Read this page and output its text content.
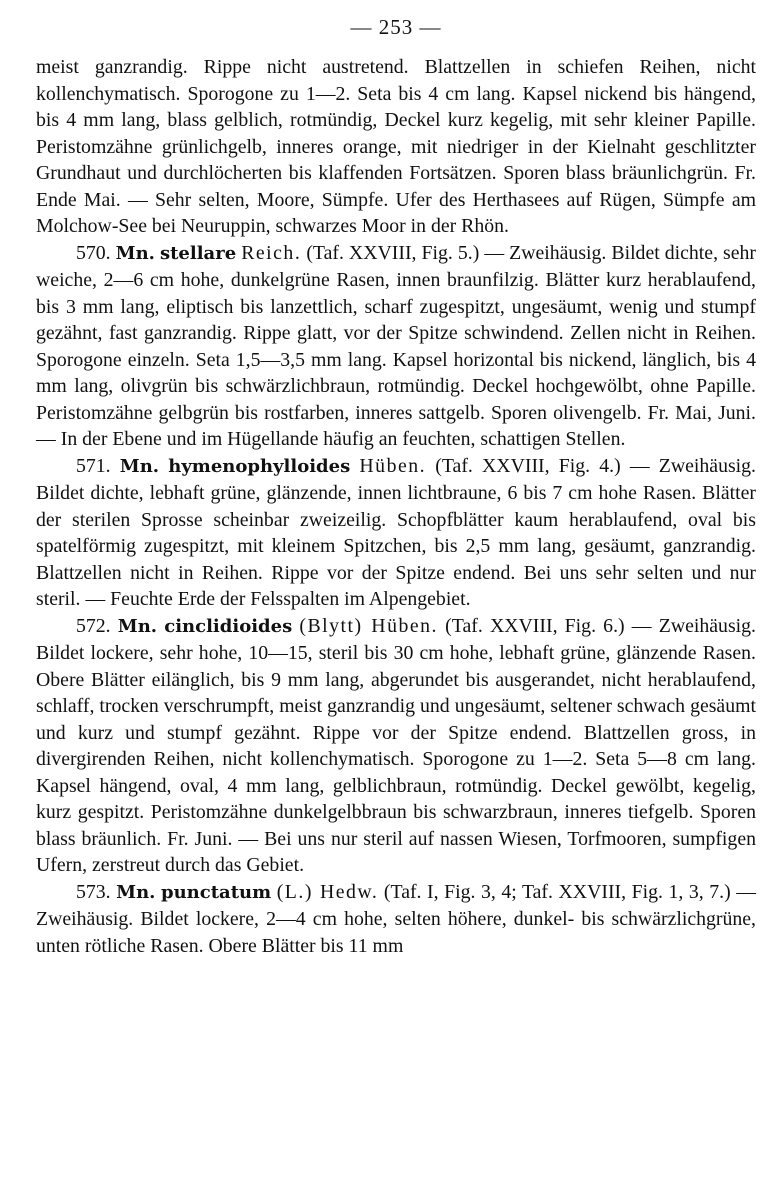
— 253 —

meist ganzrandig. Rippe nicht austretend. Blattzellen in schiefen Reihen, nicht kollenchymatisch. Sporogone zu 1—2. Seta bis 4 cm lang. Kapsel nickend bis hängend, bis 4 mm lang, blass gelblich, rotmündig, Deckel kurz kegelig, mit sehr kleiner Papille. Peristomzähne grünlichgelb, inneres orange, mit niedriger in der Kielnaht geschlitzter Grundhaut und durchlöcherten bis klaffenden Fortsätzen. Sporen blass bräunlichgrün. Fr. Ende Mai. — Sehr selten, Moore, Sümpfe. Ufer des Herthasees auf Rügen, Sümpfe am Molchow-See bei Neuruppin, schwarzes Moor in der Rhön.

570. Mn. stellare Reich. (Taf. XXVIII, Fig. 5.) — Zweihäusig. Bildet dichte, sehr weiche, 2—6 cm hohe, dunkelgrüne Rasen, innen braunfilzig. Blätter kurz herablaufend, bis 3 mm lang, eliptisch bis lanzettlich, scharf zugespitzt, ungesäumt, wenig und stumpf gezähnt, fast ganzrandig. Rippe glatt, vor der Spitze schwindend. Zellen nicht in Reihen. Sporogone einzeln. Seta 1,5—3,5 mm lang. Kapsel horizontal bis nickend, länglich, bis 4 mm lang, olivgrün bis schwärzlichbraun, rotmündig. Deckel hochgewölbt, ohne Papille. Peristomzähne gelbgrün bis rostfarben, inneres sattgelb. Sporen olivengelb. Fr. Mai, Juni. — In der Ebene und im Hügellande häufig an feuchten, schattigen Stellen.

571. Mn. hymenophylloides Hüben. (Taf. XXVIII, Fig. 4.) — Zweihäusig. Bildet dichte, lebhaft grüne, glänzende, innen lichtbraune, 6 bis 7 cm hohe Rasen. Blätter der sterilen Sprosse scheinbar zweizeilig. Schopfblätter kaum herablaufend, oval bis spatelförmig zugespitzt, mit kleinem Spitzchen, bis 2,5 mm lang, gesäumt, ganzrandig. Blattzellen nicht in Reihen. Rippe vor der Spitze endend. Bei uns sehr selten und nur steril. — Feuchte Erde der Felsspalten im Alpengebiet.

572. Mn. cinclidioides (Blytt) Hüben. (Taf. XXVIII, Fig. 6.) — Zweihäusig. Bildet lockere, sehr hohe, 10—15, steril bis 30 cm hohe, lebhaft grüne, glänzende Rasen. Obere Blätter eilänglich, bis 9 mm lang, abgerundet bis ausgerandet, nicht herablaufend, schlaff, trocken verschrumpft, meist ganzrandig und ungesäumt, seltener schwach gesäumt und kurz und stumpf gezähnt. Rippe vor der Spitze endend. Blattzellen gross, in divergirenden Reihen, nicht kollenchymatisch. Sporogone zu 1—2. Seta 5—8 cm lang. Kapsel hängend, oval, 4 mm lang, gelblichbraun, rotmündig. Deckel gewölbt, kegelig, kurz gespitzt. Peristomzähne dunkelgelbbraun bis schwarzbraun, inneres tiefgelb. Sporen blass bräunlich. Fr. Juni. — Bei uns nur steril auf nassen Wiesen, Torfmooren, sumpfigen Ufern, zerstreut durch das Gebiet.

573. Mn. punctatum (L.) Hedw. (Taf. I, Fig. 3, 4; Taf. XXVIII, Fig. 1, 3, 7.) — Zweihäusig. Bildet lockere, 2—4 cm hohe, selten höhere, dunkel- bis schwärzlichgrüne, unten rötliche Rasen. Obere Blätter bis 11 mm
